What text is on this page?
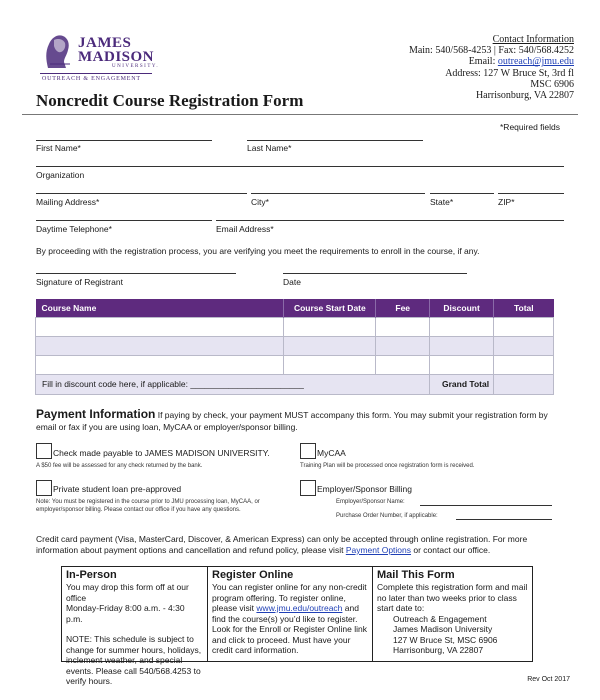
JAMES
MADISON
UNIVERSITY.
OUTREACH & ENGAGEMENT
Contact Information
Main: 540/568-4253 | Fax: 540/568.4252
Email: outreach@jmu.edu
Address: 127 W Bruce St, 3rd fl
MSC 6906
Harrisonburg, VA 22807
Noncredit Course Registration Form
*Required fields
First Name*	Last Name*
Organization
Mailing Address*	City*	State*	ZIP*
Daytime Telephone*	Email Address*
By proceeding with the registration process, you are verifying you meet the requirements to enroll in the course, if any.
Signature of Registrant	Date
Course Name	Course Start Date	Fee	Discount	Total

Fill in discount code here, if applicable: ________________________			Grand Total	
Payment Information If paying by check, your payment MUST accompany this form. You may submit your registration form by email or fax if you are using loan, MyCAA or employer/sponsor billing.
Check made payable to JAMES MADISON UNIVERSITY.
A $50 fee will be assessed for any check returned by the bank.
MyCAA
Training Plan will be processed once registration form is received.
Private student loan pre-approved
Note: You must be registered in the course prior to JMU processing loan, MyCAA, or employer/sponsor billing. Please contact our office if you have any questions.
Employer/Sponsor Billing
Employer/Sponsor Name:
Purchase Order Number, if applicable:
Credit card payment (Visa, MasterCard, Discover, & American Express) can only be accepted through online registration. For more information about payment options and cancellation and refund policy, please visit Payment Options or contact our office.
In-Person
You may drop this form off at our office
Monday-Friday 8:00 a.m. - 4:30 p.m.
NOTE: This schedule is subject to change for summer hours, holidays, inclement weather, and special events. Please call 540/568.4253 to verify hours.
Register Online
You can register online for any non-credit program offering. To register online, please visit www.jmu.edu/outreach and find the course(s) you’d like to register. Look for the Enroll or Register Online link and click to proceed. Must have your credit card information.
Mail This Form
Complete this registration form and mail no later than two weeks prior to class start date to:
Outreach & Engagement
James Madison University
127 W Bruce St, MSC 6906
Harrisonburg, VA 22807
Rev Oct 2017
